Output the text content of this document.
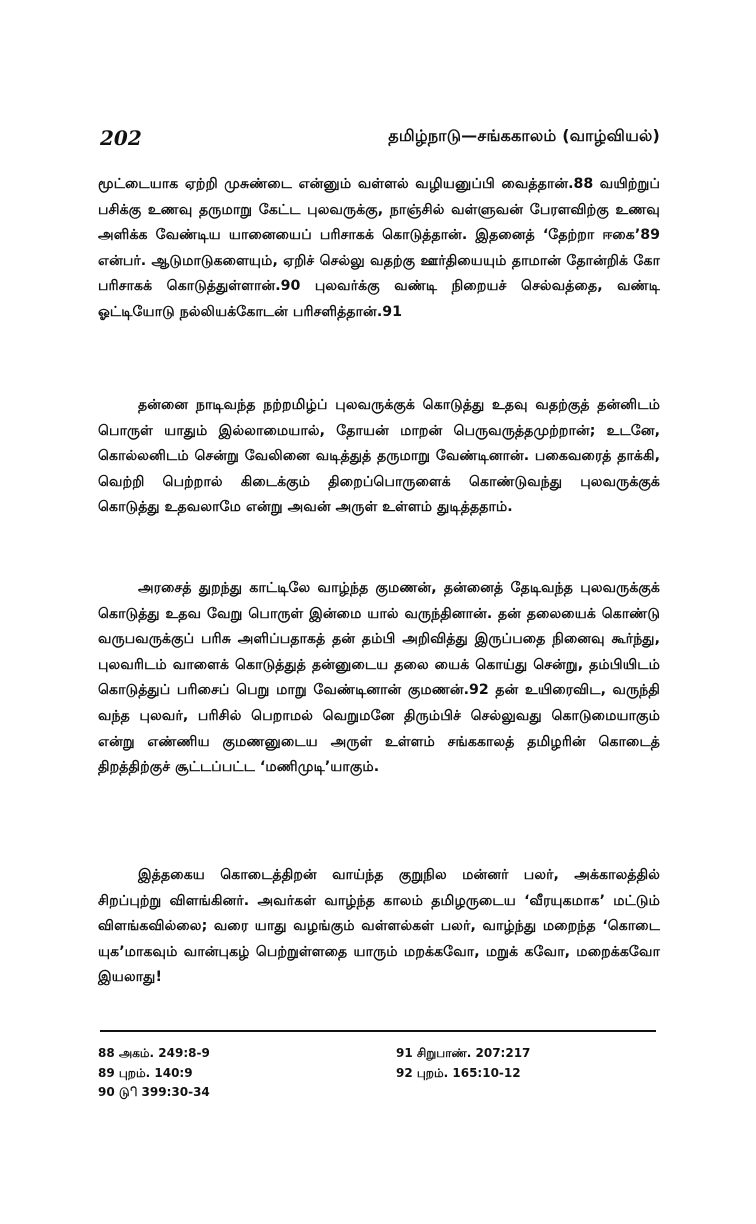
202	தமிழ்நாடு—சங்ககாலம் (வாழ்வியல்)

மூட்டையாக ஏற்றி முசுண்டை என்னும் வள்ளல் வழியனுப்பி வைத்தான்.88 வயிற்றுப் பசிக்கு உணவு தருமாறு கேட்ட புலவருக்கு, நாஞ்சில் வள்ளுவன் பேரளவிற்கு உணவு அளிக்க வேண்டிய யானையைப் பரிசாகக் கொடுத்தான். இதனைத் ‘தேற்றா ஈகை’89 என்பர். ஆடுமாடுகளையும், ஏறிச் செல்லு வதற்கு ஊர்தியையும் தாமான் தோன்றிக் கோ பரிசாகக் கொடுத்துள்ளான்.90 புலவர்க்கு வண்டி நிறையச் செல்வத்தை, வண்டி ஓட்டியோடு நல்லியக்கோடன் பரிசளித்தான்.91

தன்னை நாடிவந்த நற்றமிழ்ப் புலவருக்குக் கொடுத்து உதவு வதற்குத் தன்னிடம் பொருள் யாதும் இல்லாமையால், தோயன் மாறன் பெருவருத்தமுற்றான்; உடனே, கொல்லனிடம் சென்று வேலினை வடித்துத் தருமாறு வேண்டினான். பகைவரைத் தாக்கி, வெற்றி பெற்றால் கிடைக்கும் திறைப்பொருளைக் கொண்டுவந்து புலவருக்குக் கொடுத்து உதவலாமே என்று அவன் அருள் உள்ளம் துடித்ததாம்.

அரசைத் துறந்து காட்டிலே வாழ்ந்த குமணன், தன்னைத் தேடிவந்த புலவருக்குக் கொடுத்து உதவ வேறு பொருள் இன்மை யால் வருந்தினான். தன் தலையைக் கொண்டு வருபவருக்குப் பரிசு அளிப்பதாகத் தன் தம்பி அறிவித்து இருப்பதை நினைவு கூர்ந்து, புலவரிடம் வாளைக் கொடுத்துத் தன்னுடைய தலை யைக் கொய்து சென்று, தம்பியிடம் கொடுத்துப் பரிசைப் பெறு மாறு வேண்டினான் குமணன்.92 தன் உயிரைவிட, வருந்தி வந்த புலவர், பரிசில் பெறாமல் வெறுமனே திரும்பிச் செல்லுவது கொடுமையாகும் என்று எண்ணிய குமணனுடைய அருள் உள்ளம் சங்ககாலத் தமிழரின் கொடைத் திறத்திற்குச் சூட்டப்பட்ட ‘மணிமுடி’யாகும்.

இத்தகைய கொடைத்திறன் வாய்ந்த குறுநில மன்னர் பலர், அக்காலத்தில் சிறப்புற்று விளங்கினர். அவர்கள் வாழ்ந்த காலம் தமிழருடைய ‘வீரயுகமாக’ மட்டும் விளங்கவில்லை; வரை யாது வழங்கும் வள்ளல்கள் பலர், வாழ்ந்து மறைந்த ‘கொடை யுக’மாகவும் வான்புகழ் பெற்றுள்ளதை யாரும் மறக்கவோ, மறுக் கவோ, மறைக்கவோ இயலாது!

88 அகம். 249:8-9
89 புறம். 140:9
90 டுி 399:30-34
91 சிறுபாண். 207:217
92 புறம். 165:10-12
